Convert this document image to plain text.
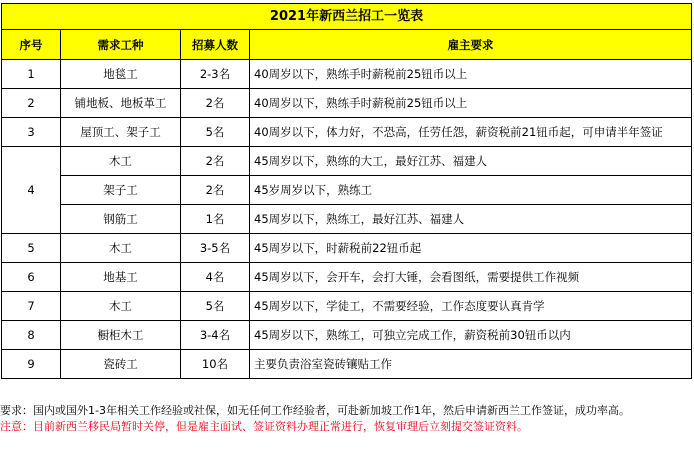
2021年新西兰招工一览表			
序号	需求工种	招募人数	雇主要求
1	地毯工	2-3名	40周岁以下，熟练手时薪税前25钮币以上
2	铺地板、地板革工	2名	40周岁以下，熟练手时薪税前25钮币以上
3	屋顶工、架子工	5名	40周岁以下，体力好，不恐高，任劳任怨，薪资税前21钮币起，可申请半年签证
4	木工	2名	45周岁以下，熟练的大工，最好江苏、福建人
	架子工	2名	45岁周岁以下，熟练工
	钢筋工	1名	45周岁以下，熟练工，最好江苏、福建人
5	木工	3-5名	45周岁以下，时薪税前22钮币起
6	地基工	4名	45周岁以下，会开车，会打大锤，会看图纸，需要提供工作视频
7	木工	5名	45周岁以下，学徒工，不需要经验，工作态度要认真肯学
8	橱柜木工	3-4名	45周岁以下，熟练工，可独立完成工作，薪资税前30钮币以内
9	瓷砖工	10名	主要负责浴室瓷砖镶贴工作
要求：国内或国外1-3年相关工作经验或社保，如无任何工作经验者，可赴新加坡工作1年，然后申请新西兰工作签证，成功率高。
注意：目前新西兰移民局暂时关停，但是雇主面试、签证资料办理正常进行，恢复审理后立刻提交签证资料。
